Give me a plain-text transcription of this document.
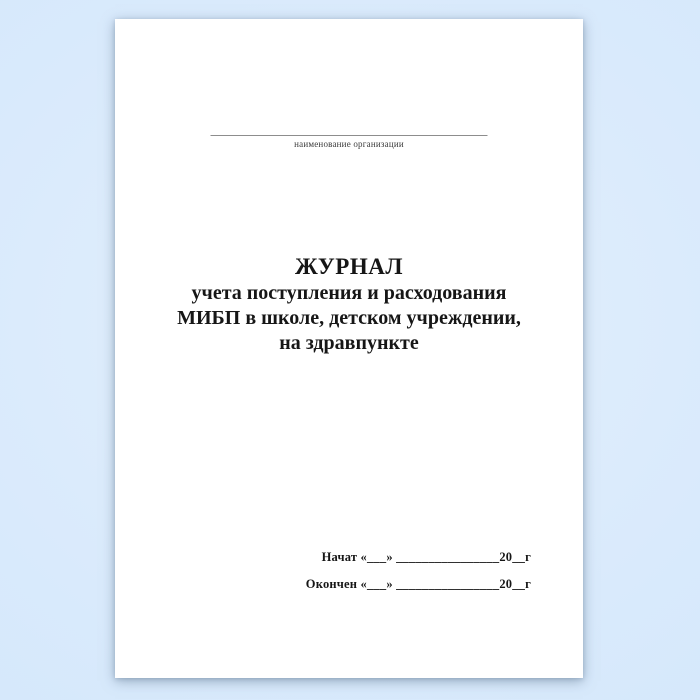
наименование организации
ЖУРНАЛ
учета поступления и расходования
МИБП в школе, детском учреждении,
на здравпункте
Начат «___» ________________20__г
Окончен «___» ________________20__г
